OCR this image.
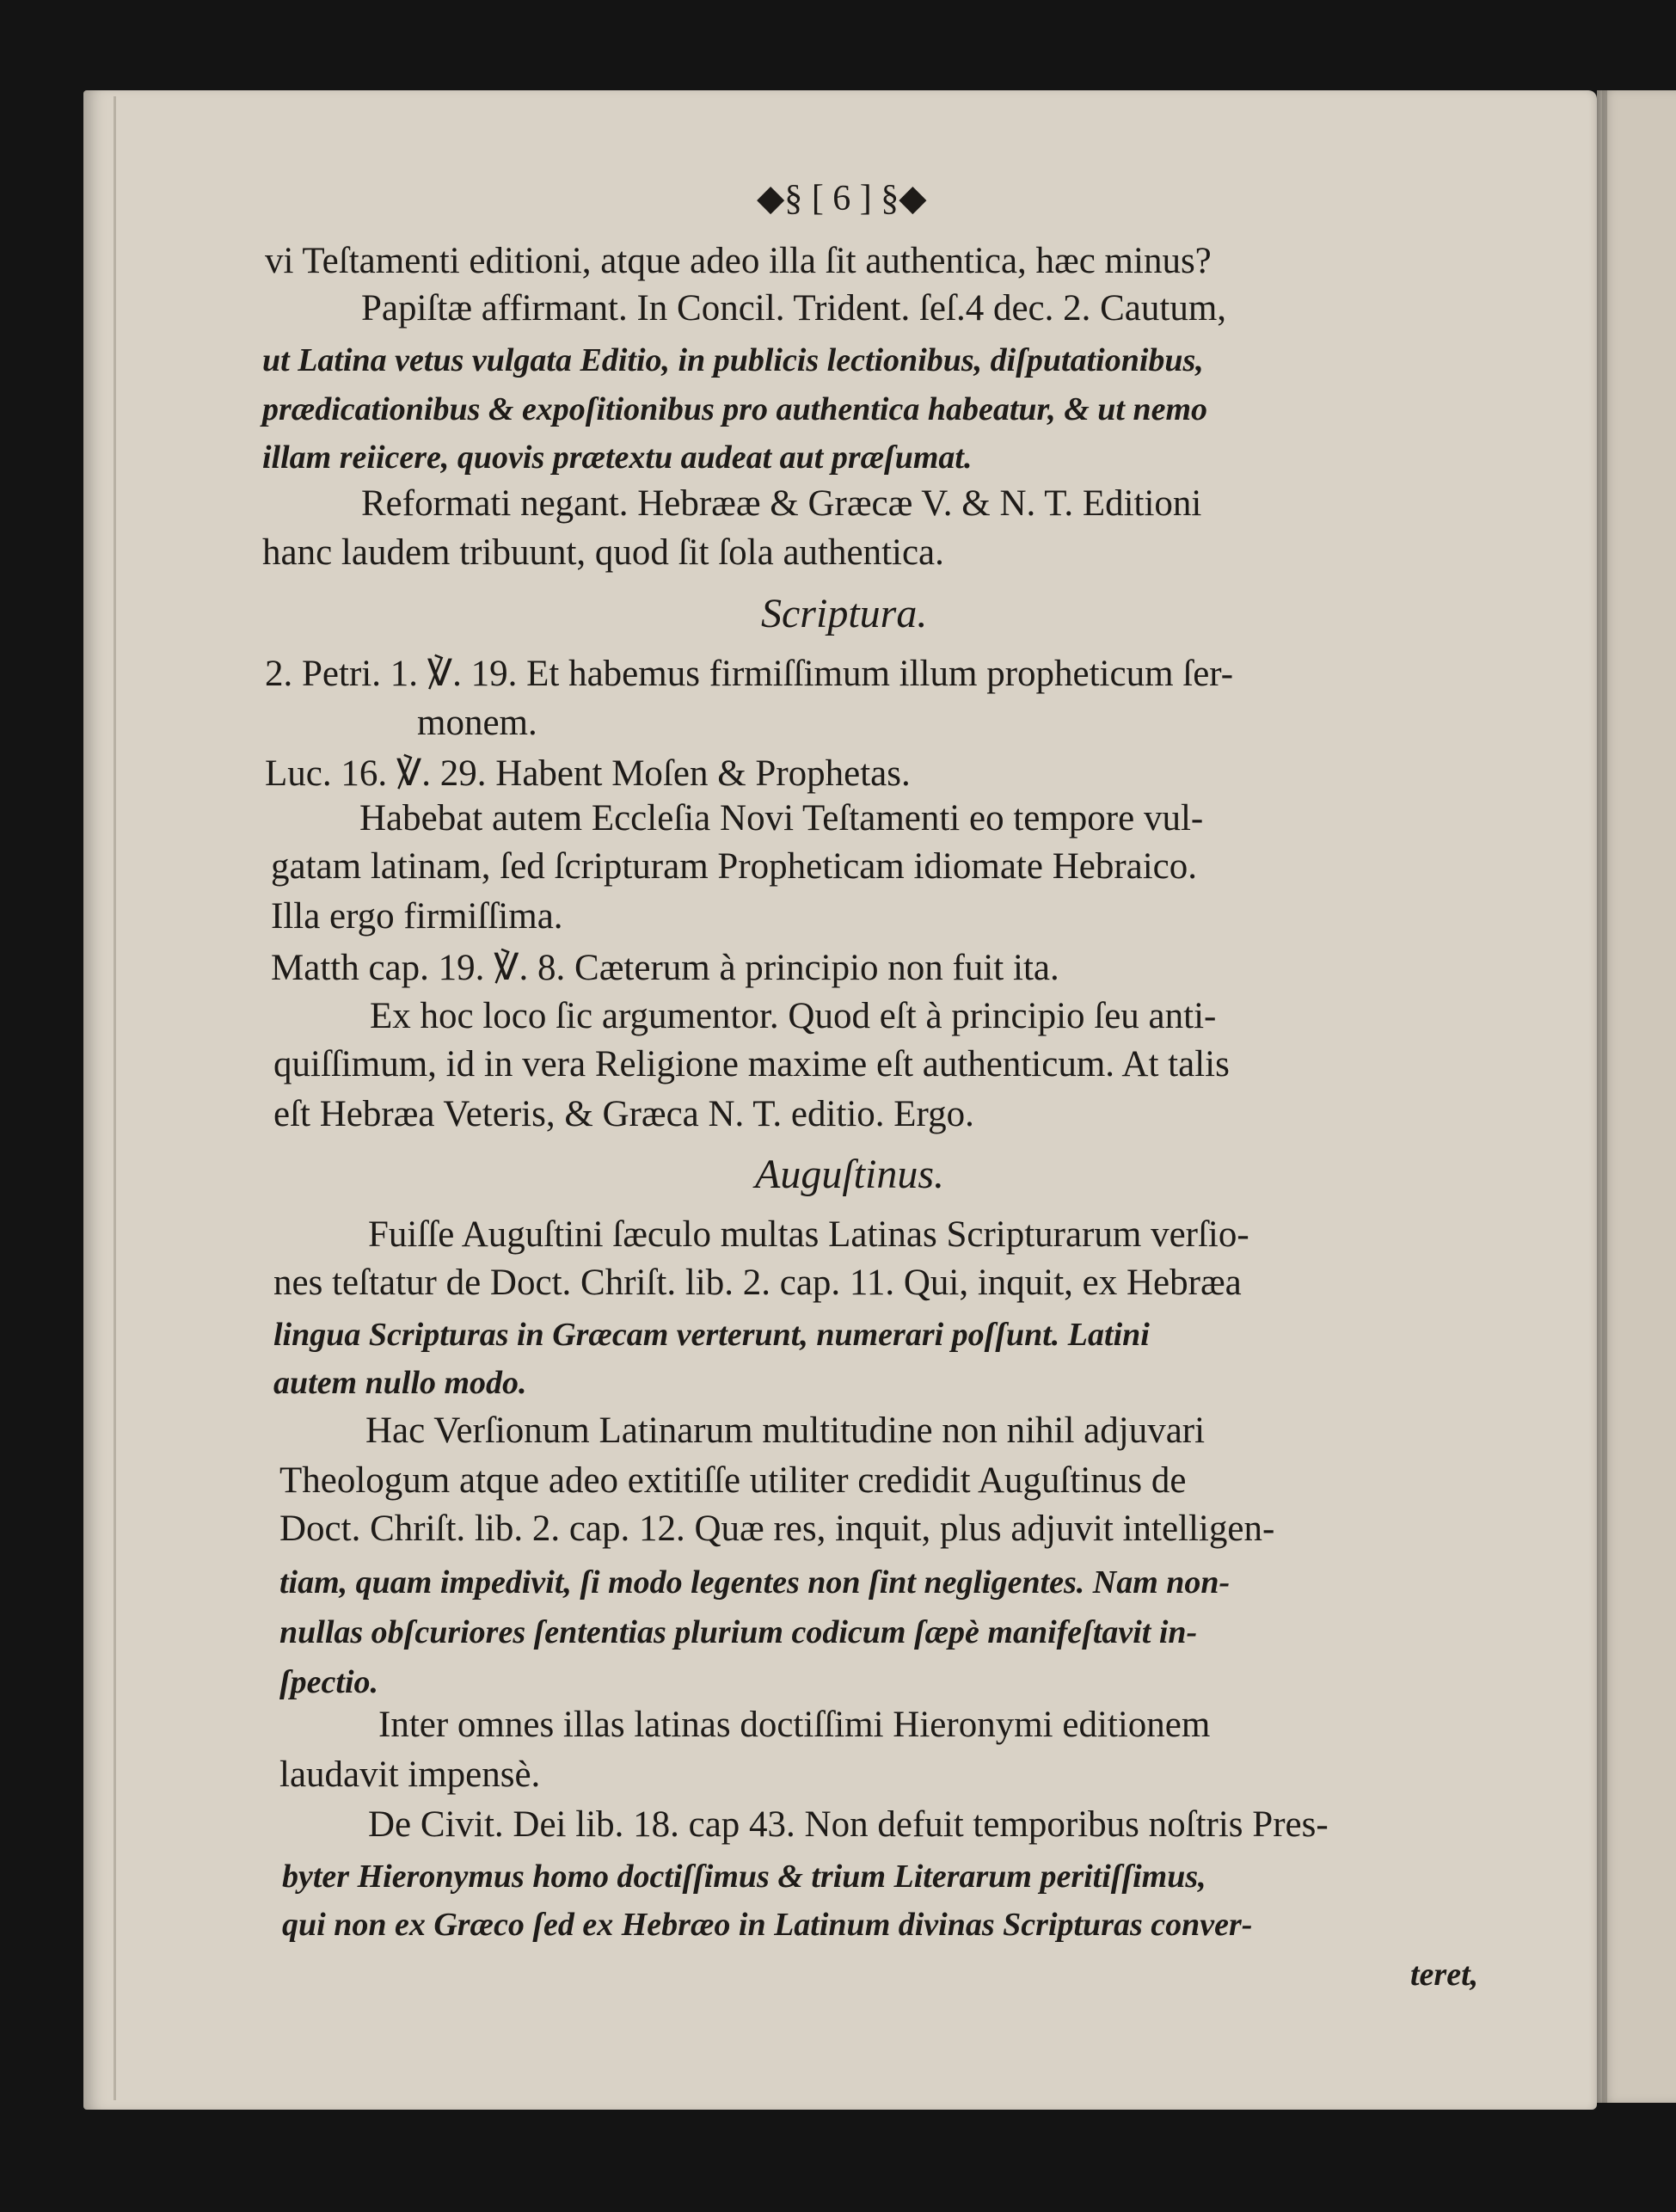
◆§ [ 6 ] §◆
vi Teſtamenti editioni, atque adeo illa ſit authentica, hæc minus?
Papiſtæ affirmant. In Concil. Trident. ſeſ.4 dec. 2. Cautum,
ut Latina vetus vulgata Editio, in publicis lectionibus, diſputationibus,
prædicationibus & expoſitionibus pro authentica habeatur, & ut nemo
illam reiicere, quovis prætextu audeat aut præſumat.
Reformati negant. Hebrææ & Græcæ V. & N. T. Editioni
hanc laudem tribuunt, quod ſit ſola authentica.
Scriptura.
2. Petri. 1. ℣. 19. Et habemus firmiſſimum illum propheticum ſer-
monem.
Luc. 16. ℣. 29. Habent Moſen & Prophetas.
Habebat autem Eccleſia Novi Teſtamenti eo tempore vul-
gatam latinam, ſed ſcripturam Propheticam idiomate Hebraico.
Illa ergo firmiſſima.
Matth cap. 19. ℣. 8. Cæterum à principio non fuit ita.
Ex hoc loco ſic argumentor. Quod eſt à principio ſeu anti-
quiſſimum, id in vera Religione maxime eſt authenticum. At talis
eſt Hebræa Veteris, & Græca N. T. editio. Ergo.
Auguſtinus.
Fuiſſe Auguſtini ſæculo multas Latinas Scripturarum verſio-
nes teſtatur de Doct. Chriſt. lib. 2. cap. 11. Qui, inquit, ex Hebræa
lingua Scripturas in Græcam verterunt, numerari poſſunt. Latini
autem nullo modo.
Hac Verſionum Latinarum multitudine non nihil adjuvari
Theologum atque adeo extitiſſe utiliter credidit Auguſtinus de
Doct. Chriſt. lib. 2. cap. 12. Quæ res, inquit, plus adjuvit intelligen-
tiam, quam impedivit, ſi modo legentes non ſint negligentes. Nam non-
nullas obſcuriores ſententias plurium codicum ſæpè manifeſtavit in-
ſpectio.
Inter omnes illas latinas doctiſſimi Hieronymi editionem
laudavit impensè.
De Civit. Dei lib. 18. cap 43. Non defuit temporibus noſtris Pres-
byter Hieronymus homo doctiſſimus & trium Literarum peritiſſimus,
qui non ex Græco ſed ex Hebræo in Latinum divinas Scripturas conver-
teret,
